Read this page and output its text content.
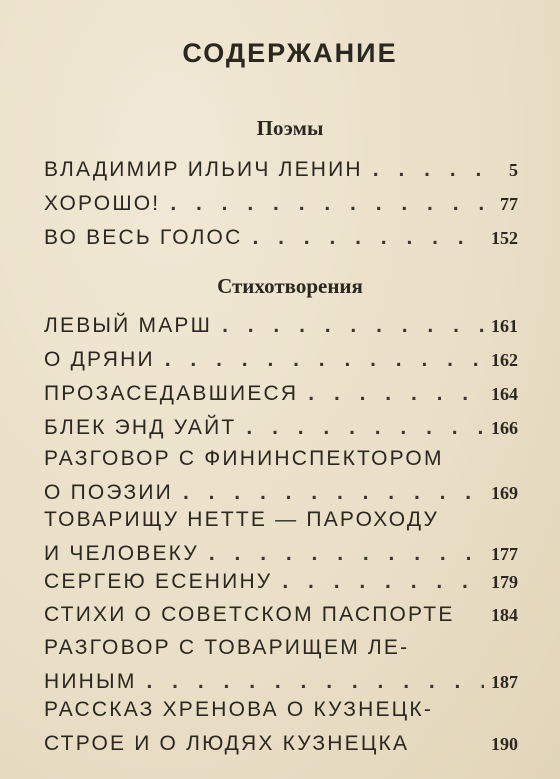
СОДЕРЖАНИЕ
Поэмы
ВЛАДИМИР ИЛЬИЧ ЛЕНИН . . .	5
ХОРОШО! . . .	77
ВО ВЕСЬ ГОЛОС . . .	152
Стихотворения
ЛЕВЫЙ МАРШ . . .	161
О ДРЯНИ . . .	162
ПРОЗАСЕДАВШИЕСЯ . . .	164
БЛЕК ЭНД УАЙТ . . .	166
РАЗГОВОР С ФИНИНСПЕКТОРОМ
О ПОЭЗИИ . . .	169
ТОВАРИЩУ НЕТТЕ — ПАРОХОДУ
И ЧЕЛОВЕКУ . . .	177
СЕРГЕЮ ЕСЕНИНУ . . .	179
СТИХИ О СОВЕТСКОМ ПАСПОРТЕ 184
РАЗГОВОР С ТОВАРИЩЕМ ЛЕ-
НИНЫМ . . .	187
РАССКАЗ ХРЕНОВА О КУЗНЕЦК-
СТРОЕ И О ЛЮДЯХ КУЗНЕЦКА	190
